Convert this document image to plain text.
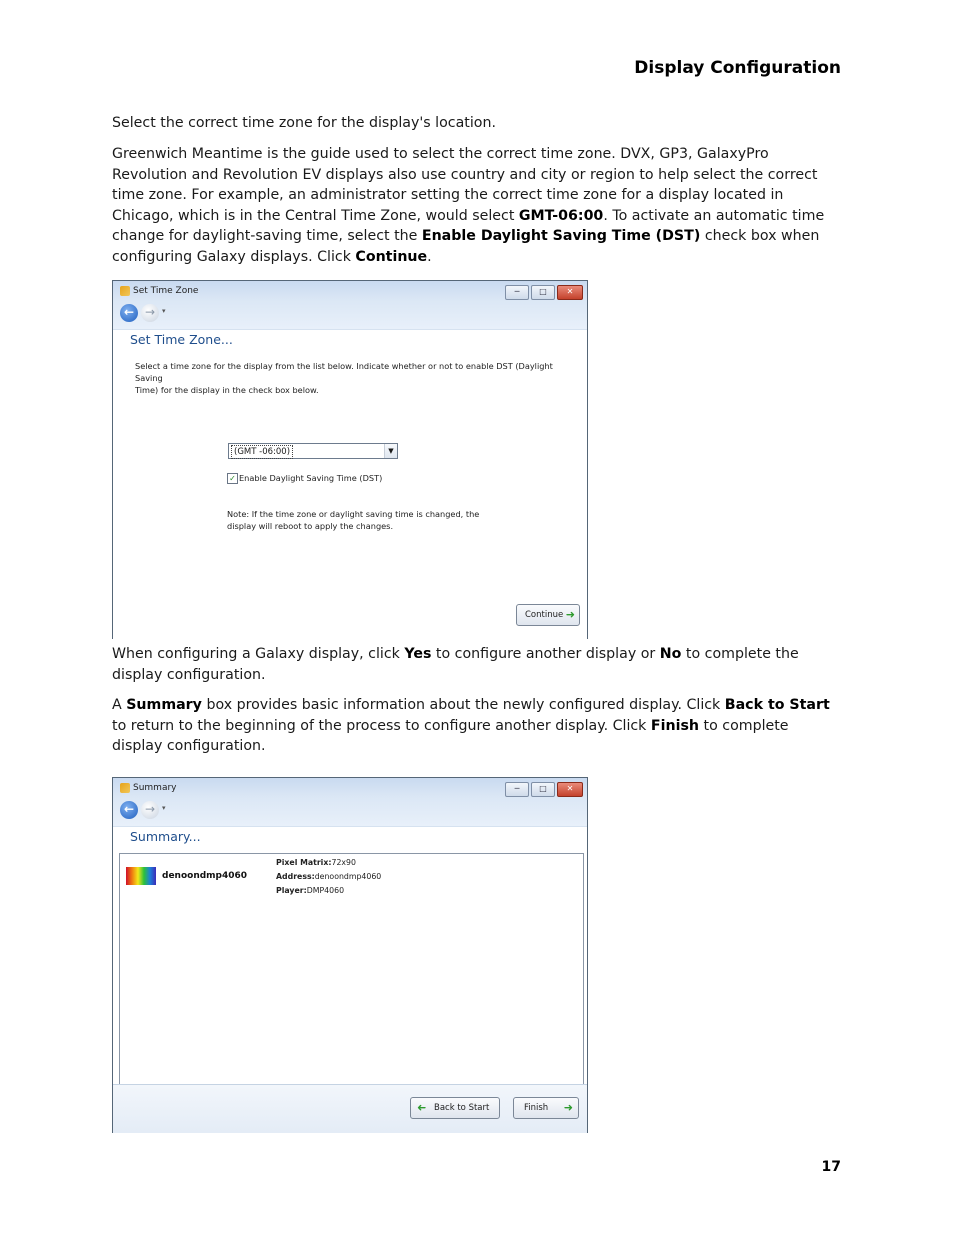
Display Configuration

Select the correct time zone for the display's location.

Greenwich Meantime is the guide used to select the correct time zone. DVX, GP3, GalaxyPro Revolution and Revolution EV displays also use country and city or region to help select the correct time zone. For example, an administrator setting the correct time zone for a display located in Chicago, which is in the Central Time Zone, would select GMT-06:00. To activate an automatic time change for daylight-saving time, select the Enable Daylight Saving Time (DST) check box when configuring Galaxy displays. Click Continue.

Set Time Zone	─	□	✕
← → ▾
Set Time Zone...
Select a time zone for the display from the list below. Indicate whether or not to enable DST (Daylight Saving
Time) for the display in the check box below.
(GMT -06:00)	▼
✓ Enable Daylight Saving Time (DST)
Note: If the time zone or daylight saving time is changed, the
display will reboot to apply the changes.
Continue ➜

When configuring a Galaxy display, click Yes to configure another display or No to complete the display configuration.

A Summary box provides basic information about the newly configured display. Click Back to Start to return to the beginning of the process to configure another display. Click Finish to complete display configuration.

Summary	─	□	✕
← → ▾
Summary...
denoondmp4060
Pixel Matrix:72x90
Address:denoondmp4060
Player:DMP4060
➜ Back to Start	Finish ➜
17
